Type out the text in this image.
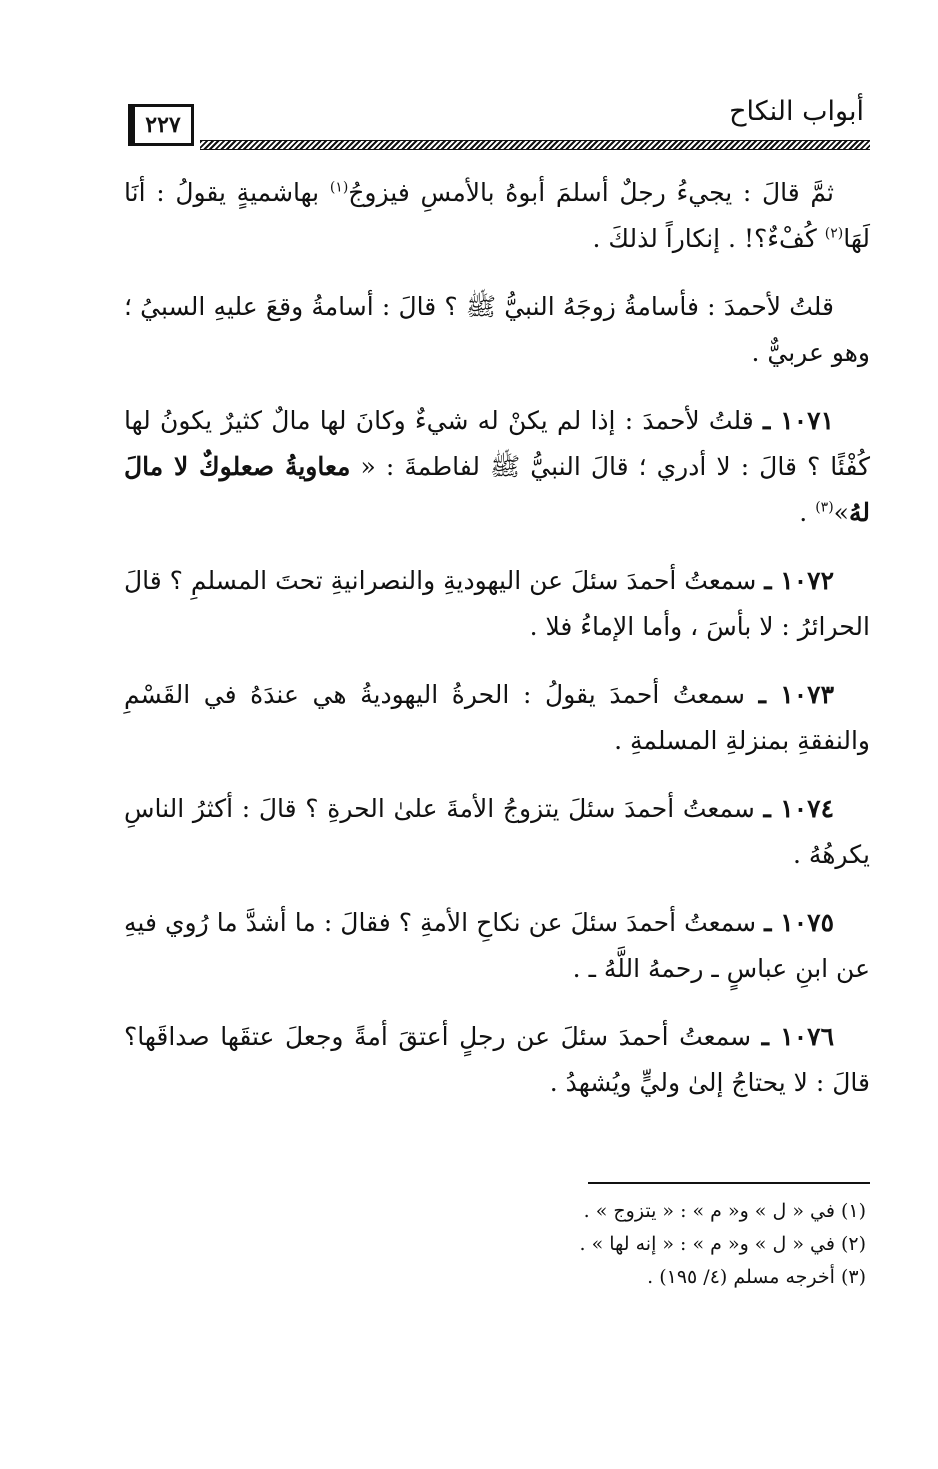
٢٢٧	أبواب النكاح

ثمَّ قالَ : يجيءُ رجلٌ أسلمَ أبوهُ بالأمسِ فيزوجُ$^{(١)}$ بهاشميةٍ يقولُ : أنَا لَهَا$^{(٢)}$ كُفْءٌ؟! . إنكاراً لذلكَ .

قلتُ لأحمدَ : فأسامةُ زوجَهُ النبيُّ ﷺ ؟ قالَ : أسامةُ وقعَ عليهِ السبيُ ؛ وهو عربيٌّ .

١٠٧١ ـ قلتُ لأحمدَ : إذا لم يكنْ له شيءٌ وكانَ لها مالٌ كثيرٌ يكونُ لها كُفْئًا ؟ قالَ : لا أدري ؛ قالَ النبيُّ ﷺ لفاطمةَ : « معاويةُ صعلوكٌ لا مالَ لهُ»$^{(٣)}$ .

١٠٧٢ ـ سمعتُ أحمدَ سئلَ عن اليهوديةِ والنصرانيةِ تحتَ المسلمِ ؟ قالَ الحرائرُ : لا بأسَ ، وأما الإماءُ فلا .

١٠٧٣ ـ سمعتُ أحمدَ يقولُ : الحرةُ اليهوديةُ هي عندَهُ في القَسْمِ والنفقةِ بمنزلةِ المسلمةِ .

١٠٧٤ ـ سمعتُ أحمدَ سئلَ يتزوجُ الأمةَ علىٰ الحرةِ ؟ قالَ : أكثرُ الناسِ يكرهُهُ .

١٠٧٥ ـ سمعتُ أحمدَ سئلَ عن نكاحِ الأمةِ ؟ فقالَ : ما أشدَّ ما رُوي فيهِ عن ابنِ عباسٍ ـ رحمهُ اللَّهُ ـ .

١٠٧٦ ـ سمعتُ أحمدَ سئلَ عن رجلٍ أعتقَ أمةً وجعلَ عتقَها صداقَها؟ قالَ : لا يحتاجُ إلىٰ وليٍّ ويُشهدُ .

(١) في « ل » و« م » : « يتزوج » .

(٢) في « ل » و« م » : « إنه لها » .

(٣) أخرجه مسلم (٤/ ١٩٥) .
